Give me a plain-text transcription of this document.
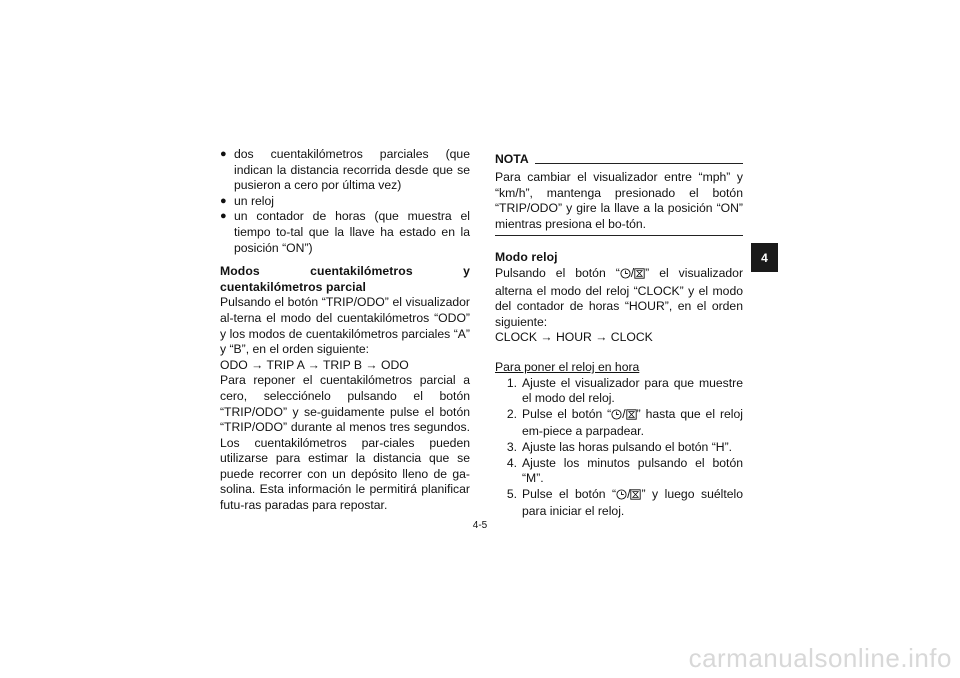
● dos cuentakilómetros parciales (que indican la distancia recorrida desde que se pusieron a cero por última vez)
● un reloj
● un contador de horas (que muestra el tiempo to-tal que la llave ha estado en la posición “ON”)

Modos cuentakilómetros y cuentakilómetros parcial

Pulsando el botón “TRIP/ODO” el visualizador al-terna el modo del cuentakilómetros “ODO” y los modos de cuentakilómetros parciales “A” y “B”, en el orden siguiente:

ODO → TRIP A → TRIP B → ODO

Para reponer el cuentakilómetros parcial a cero, selecciónelo pulsando el botón “TRIP/ODO” y se-guidamente pulse el botón “TRIP/ODO” durante al menos tres segundos. Los cuentakilómetros par-ciales pueden utilizarse para estimar la distancia que se puede recorrer con un depósito lleno de ga-solina. Esta información le permitirá planificar futu-ras paradas para repostar.

NOTA

Para cambiar el visualizador entre “mph” y “km/h”, mantenga presionado el botón “TRIP/ODO” y gire la llave a la posición “ON” mientras presiona el bo-tón.

Modo reloj

Pulsando el botón “ / ” el visualizador alterna el modo del reloj “CLOCK” y el modo del contador de horas “HOUR”, en el orden siguiente:

CLOCK → HOUR → CLOCK

Para poner el reloj en hora

1. Ajuste el visualizador para que muestre el modo del reloj.
2. Pulse el botón “ / ” hasta que el reloj em-piece a parpadear.
3. Ajuste las horas pulsando el botón “H”.
4. Ajuste los minutos pulsando el botón “M”.
5. Pulse el botón “ / ” y luego suéltelo para iniciar el reloj.
4
4-5
carmanualsonline.info
